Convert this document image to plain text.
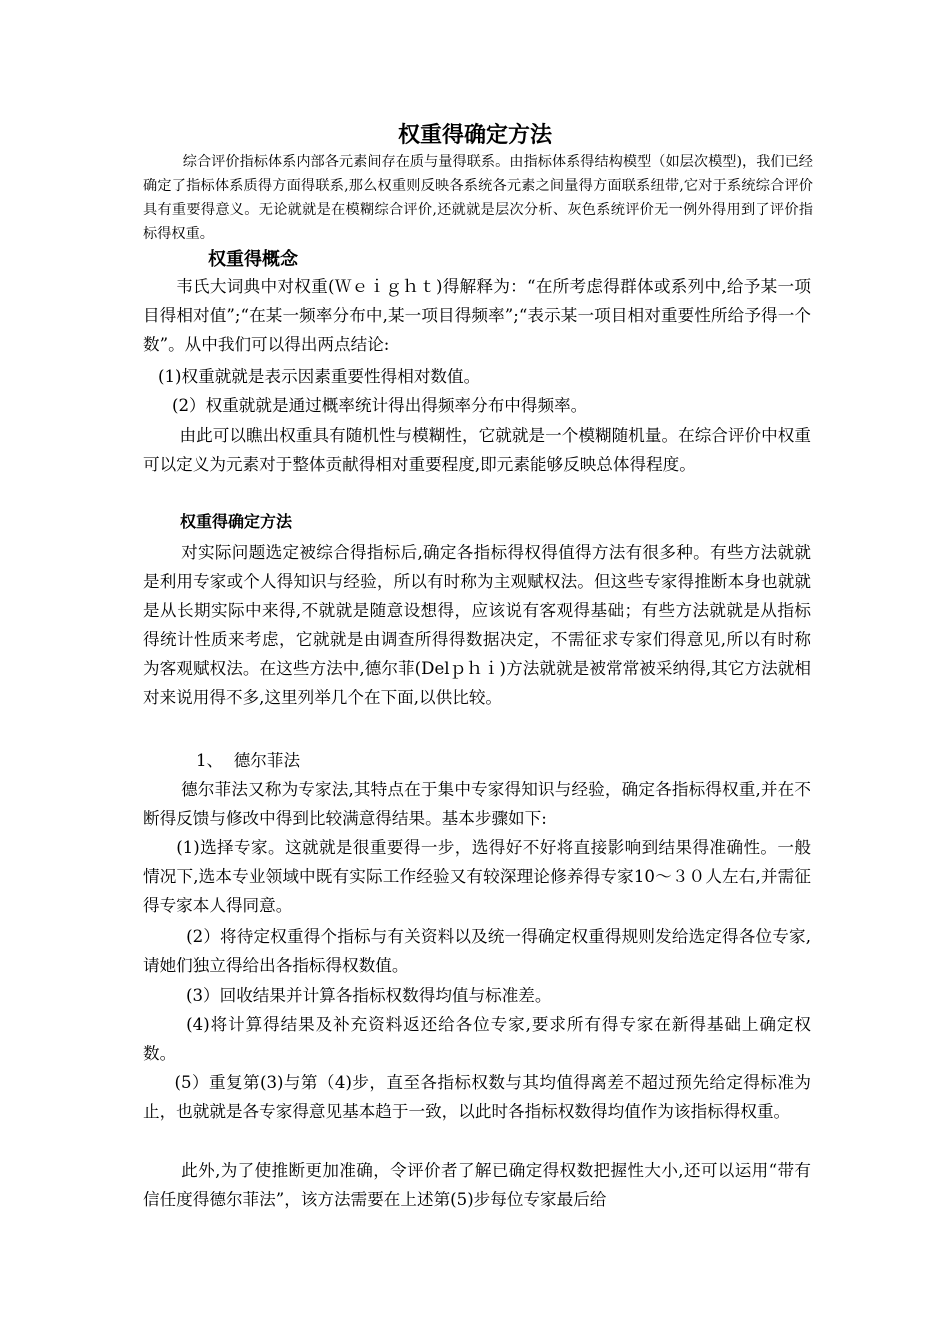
权重得确定方法

综合评价指标体系内部各元素间存在质与量得联系。由指标体系得结构模型（如层次模型)，我们已经确定了指标体系质得方面得联系,那么权重则反映各系统各元素之间量得方面联系纽带,它对于系统综合评价具有重要得意义。无论就就是在模糊综合评价,还就就是层次分析、灰色系统评价无一例外得用到了评价指标得权重。

权重得概念

韦氏大词典中对权重(Ｗｅｉｇｈｔ)得解释为：“在所考虑得群体或系列中,给予某一项目得相对值”;“在某一频率分布中,某一项目得频率”;“表示某一项目相对重要性所给予得一个数”。从中我们可以得出两点结论:

(1)权重就就是表示因素重要性得相对数值。

(2）权重就就是通过概率统计得出得频率分布中得频率。

由此可以瞧出权重具有随机性与模糊性，它就就是一个模糊随机量。在综合评价中权重可以定义为元素对于整体贡献得相对重要程度,即元素能够反映总体得程度。

权重得确定方法

对实际问题选定被综合得指标后,确定各指标得权得值得方法有很多种。有些方法就就是利用专家或个人得知识与经验，所以有时称为主观赋权法。但这些专家得推断本身也就就是从长期实际中来得,不就就是随意设想得，应该说有客观得基础；有些方法就就是从指标得统计性质来考虑，它就就是由调查所得得数据决定，不需征求专家们得意见,所以有时称为客观赋权法。在这些方法中,德尔菲(Delｐｈｉ)方法就就是被常常被采纳得,其它方法就相对来说用得不多,这里列举几个在下面,以供比较。

1、  德尔菲法

德尔菲法又称为专家法,其特点在于集中专家得知识与经验，确定各指标得权重,并在不断得反馈与修改中得到比较满意得结果。基本步骤如下:

(1)选择专家。这就就是很重要得一步，选得好不好将直接影响到结果得准确性。一般情况下,选本专业领域中既有实际工作经验又有较深理论修养得专家10～３０人左右,并需征得专家本人得同意。

(2）将待定权重得个指标与有关资料以及统一得确定权重得规则发给选定得各位专家,请她们独立得给出各指标得权数值。

(3）回收结果并计算各指标权数得均值与标准差。

(4)将计算得结果及补充资料返还给各位专家,要求所有得专家在新得基础上确定权数。

(5）重复第(3)与第（4)步，直至各指标权数与其均值得离差不超过预先给定得标准为止，也就就是各专家得意见基本趋于一致，以此时各指标权数得均值作为该指标得权重。

此外,为了使推断更加准确，令评价者了解已确定得权数把握性大小,还可以运用“带有信任度得德尔菲法”，该方法需要在上述第(5)步每位专家最后给
